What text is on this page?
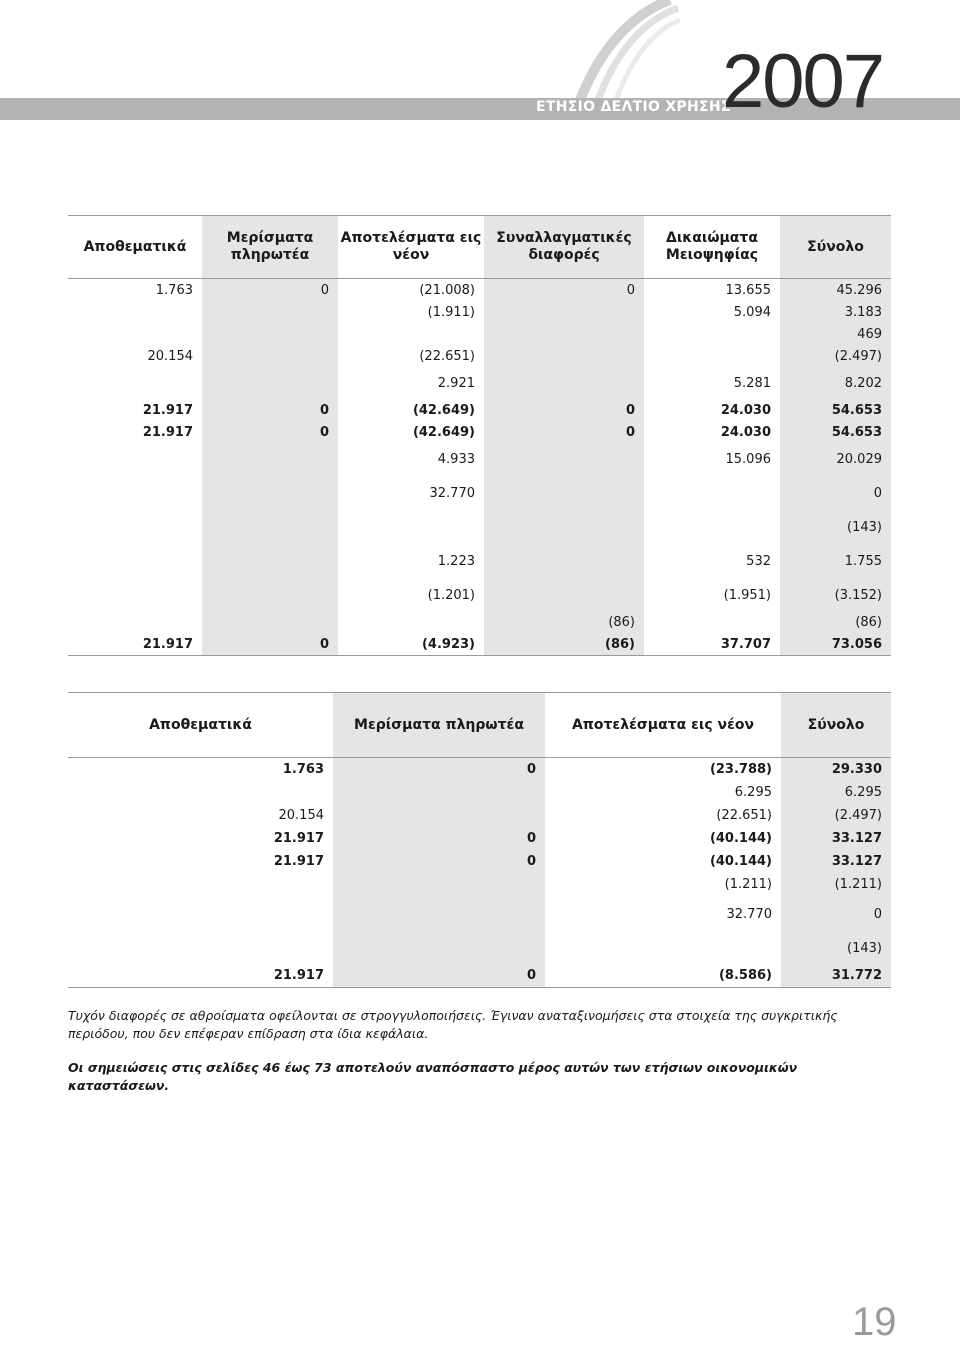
ΕΤΗΣΙΟ ΔΕΛΤΙΟ ΧΡΗΣΗΣ
2007
Αποθεματικά	Μερίσματα πληρωτέα	Αποτελέσματα εις νέον	Συναλλαγματικές διαφορές	Δικαιώματα Μειοψηφίας	Σύνολο
1.763	0	(21.008)	0	13.655	45.296
		(1.911)		5.094	3.183
					469
20.154		(22.651)			(2.497)
		2.921		5.281	8.202
21.917	0	(42.649)	0	24.030	54.653
21.917	0	(42.649)	0	24.030	54.653
		4.933		15.096	20.029
		32.770			0
					(143)
		1.223		532	1.755
		(1.201)		(1.951)	(3.152)
			(86)		(86)
21.917	0	(4.923)	(86)	37.707	73.056
Αποθεματικά	Μερίσματα πληρωτέα	Αποτελέσματα εις νέον	Σύνολο
1.763	0	(23.788)	29.330
		6.295	6.295
20.154		(22.651)	(2.497)
21.917	0	(40.144)	33.127
21.917	0	(40.144)	33.127
		(1.211)	(1.211)
		32.770	0
			(143)
21.917	0	(8.586)	31.772
Τυχόν διαφορές σε αθροίσματα οφείλονται σε στρογγυλοποιήσεις. Έγιναν αναταξινομήσεις στα στοιχεία της συγκριτικής περιόδου, που δεν επέφεραν επίδραση στα ίδια κεφάλαια.
Οι σημειώσεις στις σελίδες 46 έως 73 αποτελούν αναπόσπαστο μέρος αυτών των ετήσιων οικονομικών καταστάσεων.
19
